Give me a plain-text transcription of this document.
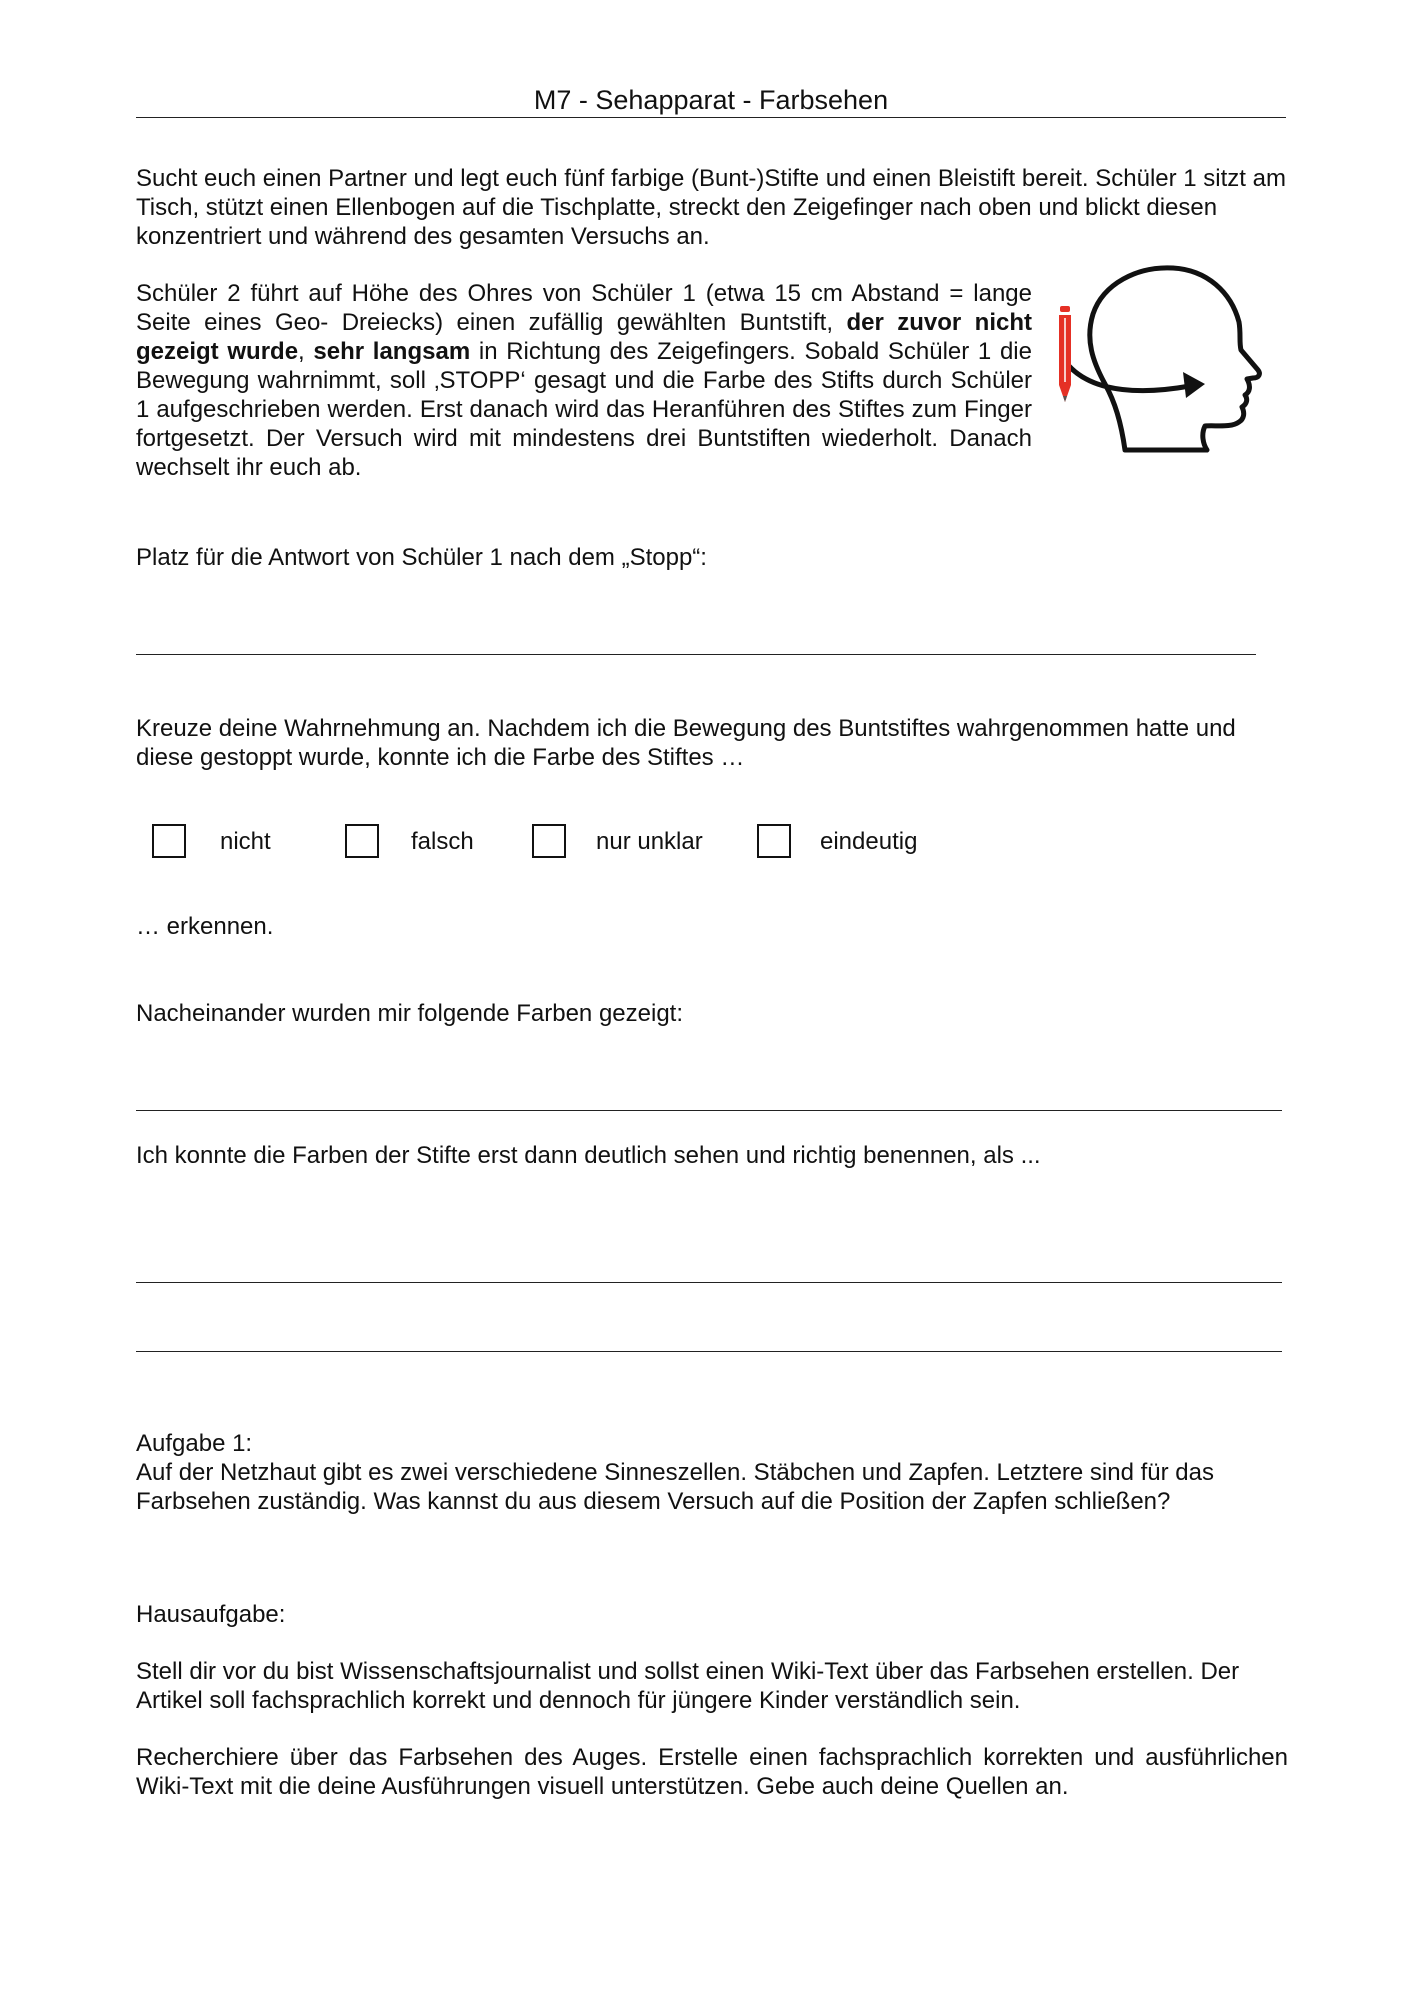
M7 - Sehapparat - Farbsehen

Sucht euch einen Partner und legt euch fünf farbige (Bunt-)Stifte und einen Bleistift bereit. Schüler 1 sitzt am Tisch, stützt einen Ellenbogen auf die Tischplatte, streckt den Zeigefinger nach oben und blickt diesen konzentriert und während des gesamten Versuchs an.

Schüler 2 führt auf Höhe des Ohres von Schüler 1 (etwa 15 cm Abstand = lange Seite eines Geo- Dreiecks) einen zufällig gewählten Buntstift, der zuvor nicht gezeigt wurde, sehr langsam in Richtung des Zeigefingers. Sobald Schüler 1 die Bewegung wahrnimmt, soll ‚STOPP‘ gesagt und die Farbe des Stifts durch Schüler 1 aufgeschrieben werden. Erst danach wird das Heranführen des Stiftes zum Finger fortgesetzt. Der Versuch wird mit mindestens drei Buntstiften wiederholt. Danach wechselt ihr euch ab.

Platz für die Antwort von Schüler 1 nach dem „Stopp“:

Kreuze deine Wahrnehmung an. Nachdem ich die Bewegung des Buntstiftes wahrgenommen hatte und diese gestoppt wurde, konnte ich die Farbe des Stiftes …

nicht	falsch	nur unklar	eindeutig

… erkennen.

Nacheinander wurden mir folgende Farben gezeigt:

Ich konnte die Farben der Stifte erst dann deutlich sehen und richtig benennen, als ...

Aufgabe 1:

Auf der Netzhaut gibt es zwei verschiedene Sinneszellen. Stäbchen und Zapfen. Letztere sind für das Farbsehen zuständig. Was kannst du aus diesem Versuch auf die Position der Zapfen schließen?

Hausaufgabe:

Stell dir vor du bist Wissenschaftsjournalist und sollst einen Wiki-Text über das Farbsehen erstellen. Der Artikel soll fachsprachlich korrekt und dennoch für jüngere Kinder verständlich sein.

Recherchiere über das Farbsehen des Auges. Erstelle einen fachsprachlich korrekten und ausführlichen Wiki-Text mit die deine Ausführungen visuell unterstützen. Gebe auch deine Quellen an.
